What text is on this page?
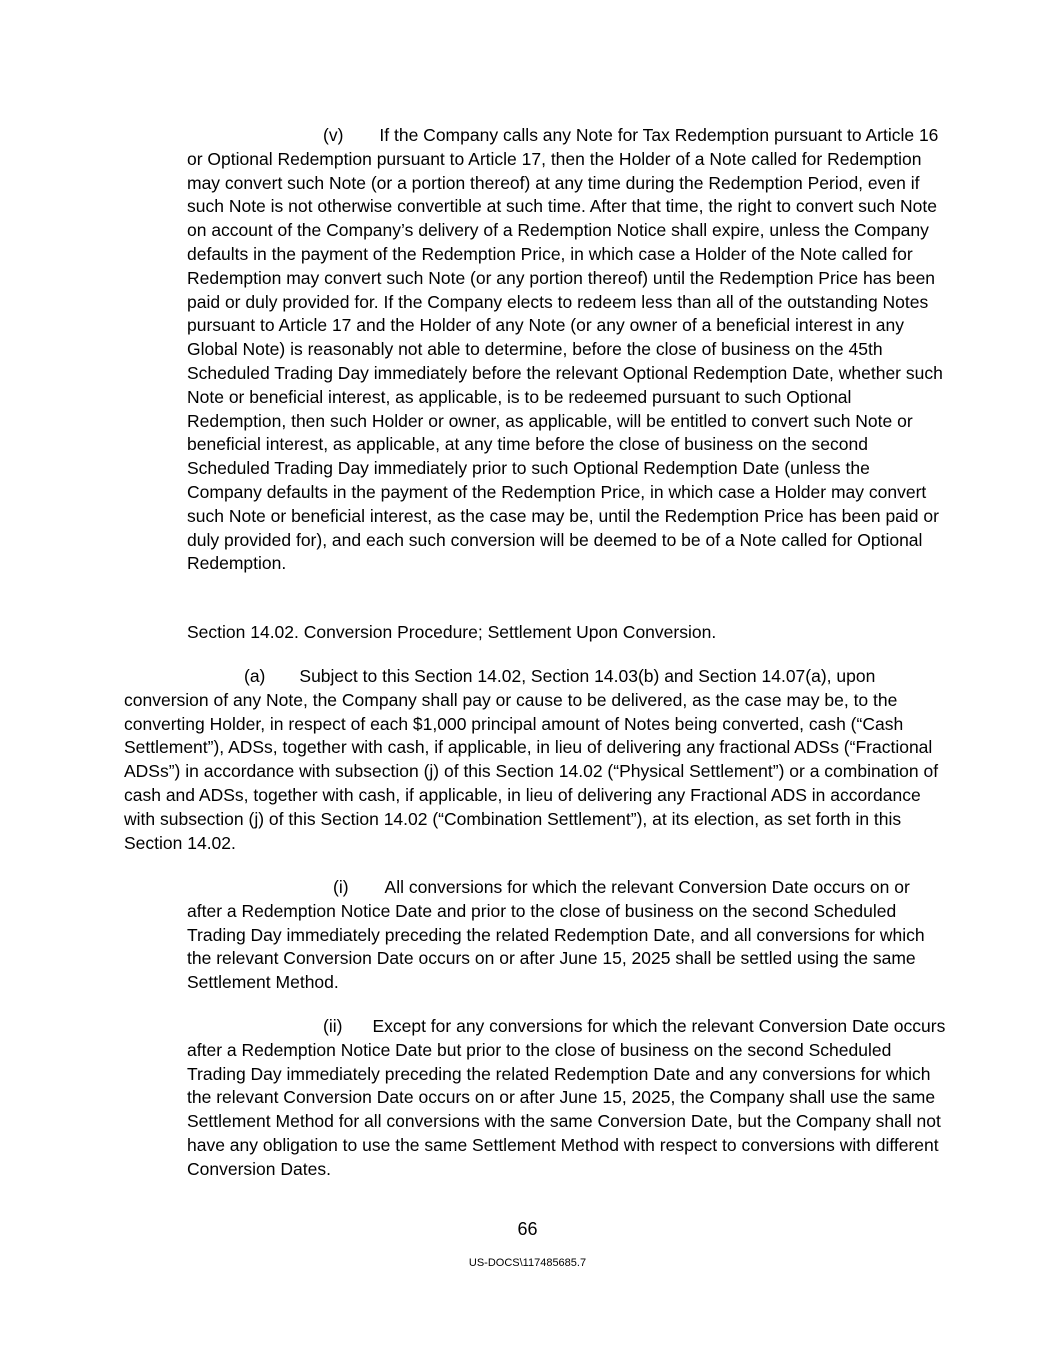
(v) If the Company calls any Note for Tax Redemption pursuant to Article 16 or Optional Redemption pursuant to Article 17, then the Holder of a Note called for Redemption may convert such Note (or a portion thereof) at any time during the Redemption Period, even if such Note is not otherwise convertible at such time. After that time, the right to convert such Note on account of the Company’s delivery of a Redemption Notice shall expire, unless the Company defaults in the payment of the Redemption Price, in which case a Holder of the Note called for Redemption may convert such Note (or any portion thereof) until the Redemption Price has been paid or duly provided for. If the Company elects to redeem less than all of the outstanding Notes pursuant to Article 17 and the Holder of any Note (or any owner of a beneficial interest in any Global Note) is reasonably not able to determine, before the close of business on the 45th Scheduled Trading Day immediately before the relevant Optional Redemption Date, whether such Note or beneficial interest, as applicable, is to be redeemed pursuant to such Optional Redemption, then such Holder or owner, as applicable, will be entitled to convert such Note or beneficial interest, as applicable, at any time before the close of business on the second Scheduled Trading Day immediately prior to such Optional Redemption Date (unless the Company defaults in the payment of the Redemption Price, in which case a Holder may convert such Note or beneficial interest, as the case may be, until the Redemption Price has been paid or duly provided for), and each such conversion will be deemed to be of a Note called for Optional Redemption.

Section 14.02. Conversion Procedure; Settlement Upon Conversion.

(a) Subject to this Section 14.02, Section 14.03(b) and Section 14.07(a), upon conversion of any Note, the Company shall pay or cause to be delivered, as the case may be, to the converting Holder, in respect of each $1,000 principal amount of Notes being converted, cash (“Cash Settlement”), ADSs, together with cash, if applicable, in lieu of delivering any fractional ADSs (“Fractional ADSs”) in accordance with subsection (j) of this Section 14.02 (“Physical Settlement”) or a combination of cash and ADSs, together with cash, if applicable, in lieu of delivering any Fractional ADS in accordance with subsection (j) of this Section 14.02 (“Combination Settlement”), at its election, as set forth in this Section 14.02.

(i) All conversions for which the relevant Conversion Date occurs on or after a Redemption Notice Date and prior to the close of business on the second Scheduled Trading Day immediately preceding the related Redemption Date, and all conversions for which the relevant Conversion Date occurs on or after June 15, 2025 shall be settled using the same Settlement Method.

(ii) Except for any conversions for which the relevant Conversion Date occurs after a Redemption Notice Date but prior to the close of business on the second Scheduled Trading Day immediately preceding the related Redemption Date and any conversions for which the relevant Conversion Date occurs on or after June 15, 2025, the Company shall use the same Settlement Method for all conversions with the same Conversion Date, but the Company shall not have any obligation to use the same Settlement Method with respect to conversions with different Conversion Dates.

66
US-DOCS\117485685.7
